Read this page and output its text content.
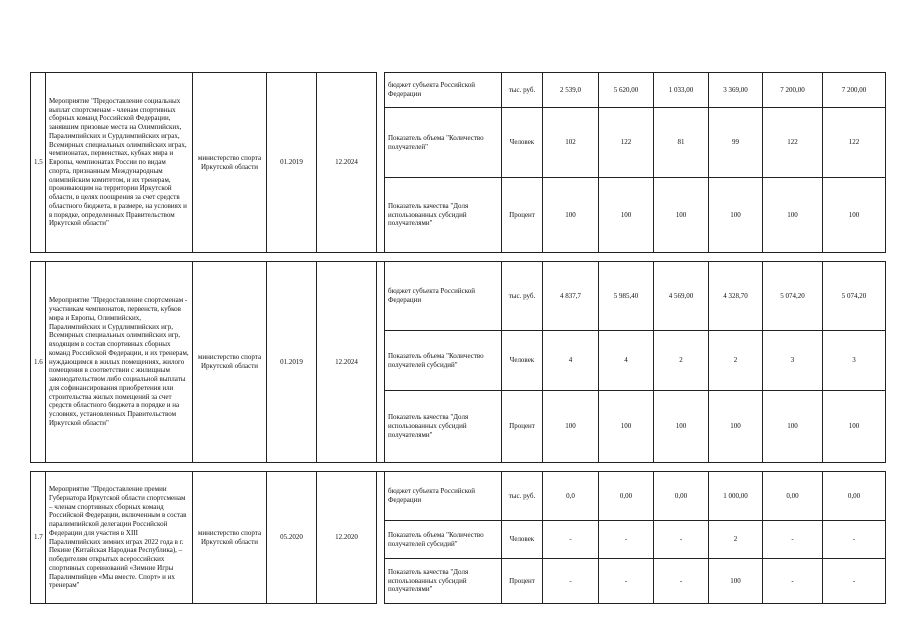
1.5	Мероприятие "Предоставление социальных выплат спортсменам - членам спортивных сборных команд Российской Федерации, занявшим призовые места на Олимпийских, Паралимпийских и Сурдлимпийских играх, Всемирных специальных олимпийских играх, чемпионатах, первенствах, кубках мира и Европы, чемпионатах России по видам спорта, признанным Международным олимпийским комитетом, и их тренерам, проживающим на территории Иркутской области, в целях поощрения за счет средств областного бюджета, в размере, на условиях и в порядке, определенных Правительством Иркутской области"	министерство спорта Иркутской области	01.2019	12.2024		бюджет субъекта Российской Федерации	тыс. руб.	2 539,0	5 620,00	1 033,00	3 369,00	7 200,00	7 200,00
						Показатель объема "Количество получателей"	Человек	102	122	81	99	122	122
						Показатель качества "Доля использованных субсидий получателями"	Процент	100	100	100	100	100	100

1.6	Мероприятие "Предоставление спортсменам - участникам чемпионатов, первенств, кубков мира и Европы, Олимпийских, Паралимпийских и Сурдлимпийских игр, Всемирных специальных олимпийских игр, входящим в состав спортивных сборных команд Российской Федерации, и их тренерам, нуждающимся в жилых помещениях, жилого помещения в соответствии с жилищным законодательством либо социальной выплаты для софинансирования приобретения или строительства жилых помещений за счет средств областного бюджета в порядке и на условиях, установленных Правительством Иркутской области"	министерство спорта Иркутской области	01.2019	12.2024		бюджет субъекта Российской Федерации	тыс. руб.	4 837,7	5 985,40	4 569,00	4 328,70	5 074,20	5 074,20
						Показатель объема "Количество получателей субсидий"	Человек	4	4	2	2	3	3
						Показатель качества "Доля использованных субсидий получателями"	Процент	100	100	100	100	100	100

1.7	Мероприятие "Предоставление премии Губернатора Иркутской области спортсменам – членам спортивных сборных команд Российской Федерации, включенным в состав паралимпийской делегации Российской Федерации для участия в XIII Паралимпийских зимних играх 2022 года в г. Пекине (Китайская Народная Республика), – победителям открытых всероссийских спортивных соревнований «Зимние Игры Паралимпийцев «Мы вместе. Спорт» и их тренерам"	министерство спорта Иркутской области	05.2020	12.2020		бюджет субъекта Российской Федерации	тыс. руб.	0,0	0,00	0,00	1 000,00	0,00	0,00
						Показатель объема "Количество получателей субсидий"	Человек	-	-	-	2	-	-
						Показатель качества "Доля использованных субсидий получателями"	Процент	-	-	-	100	-	-
